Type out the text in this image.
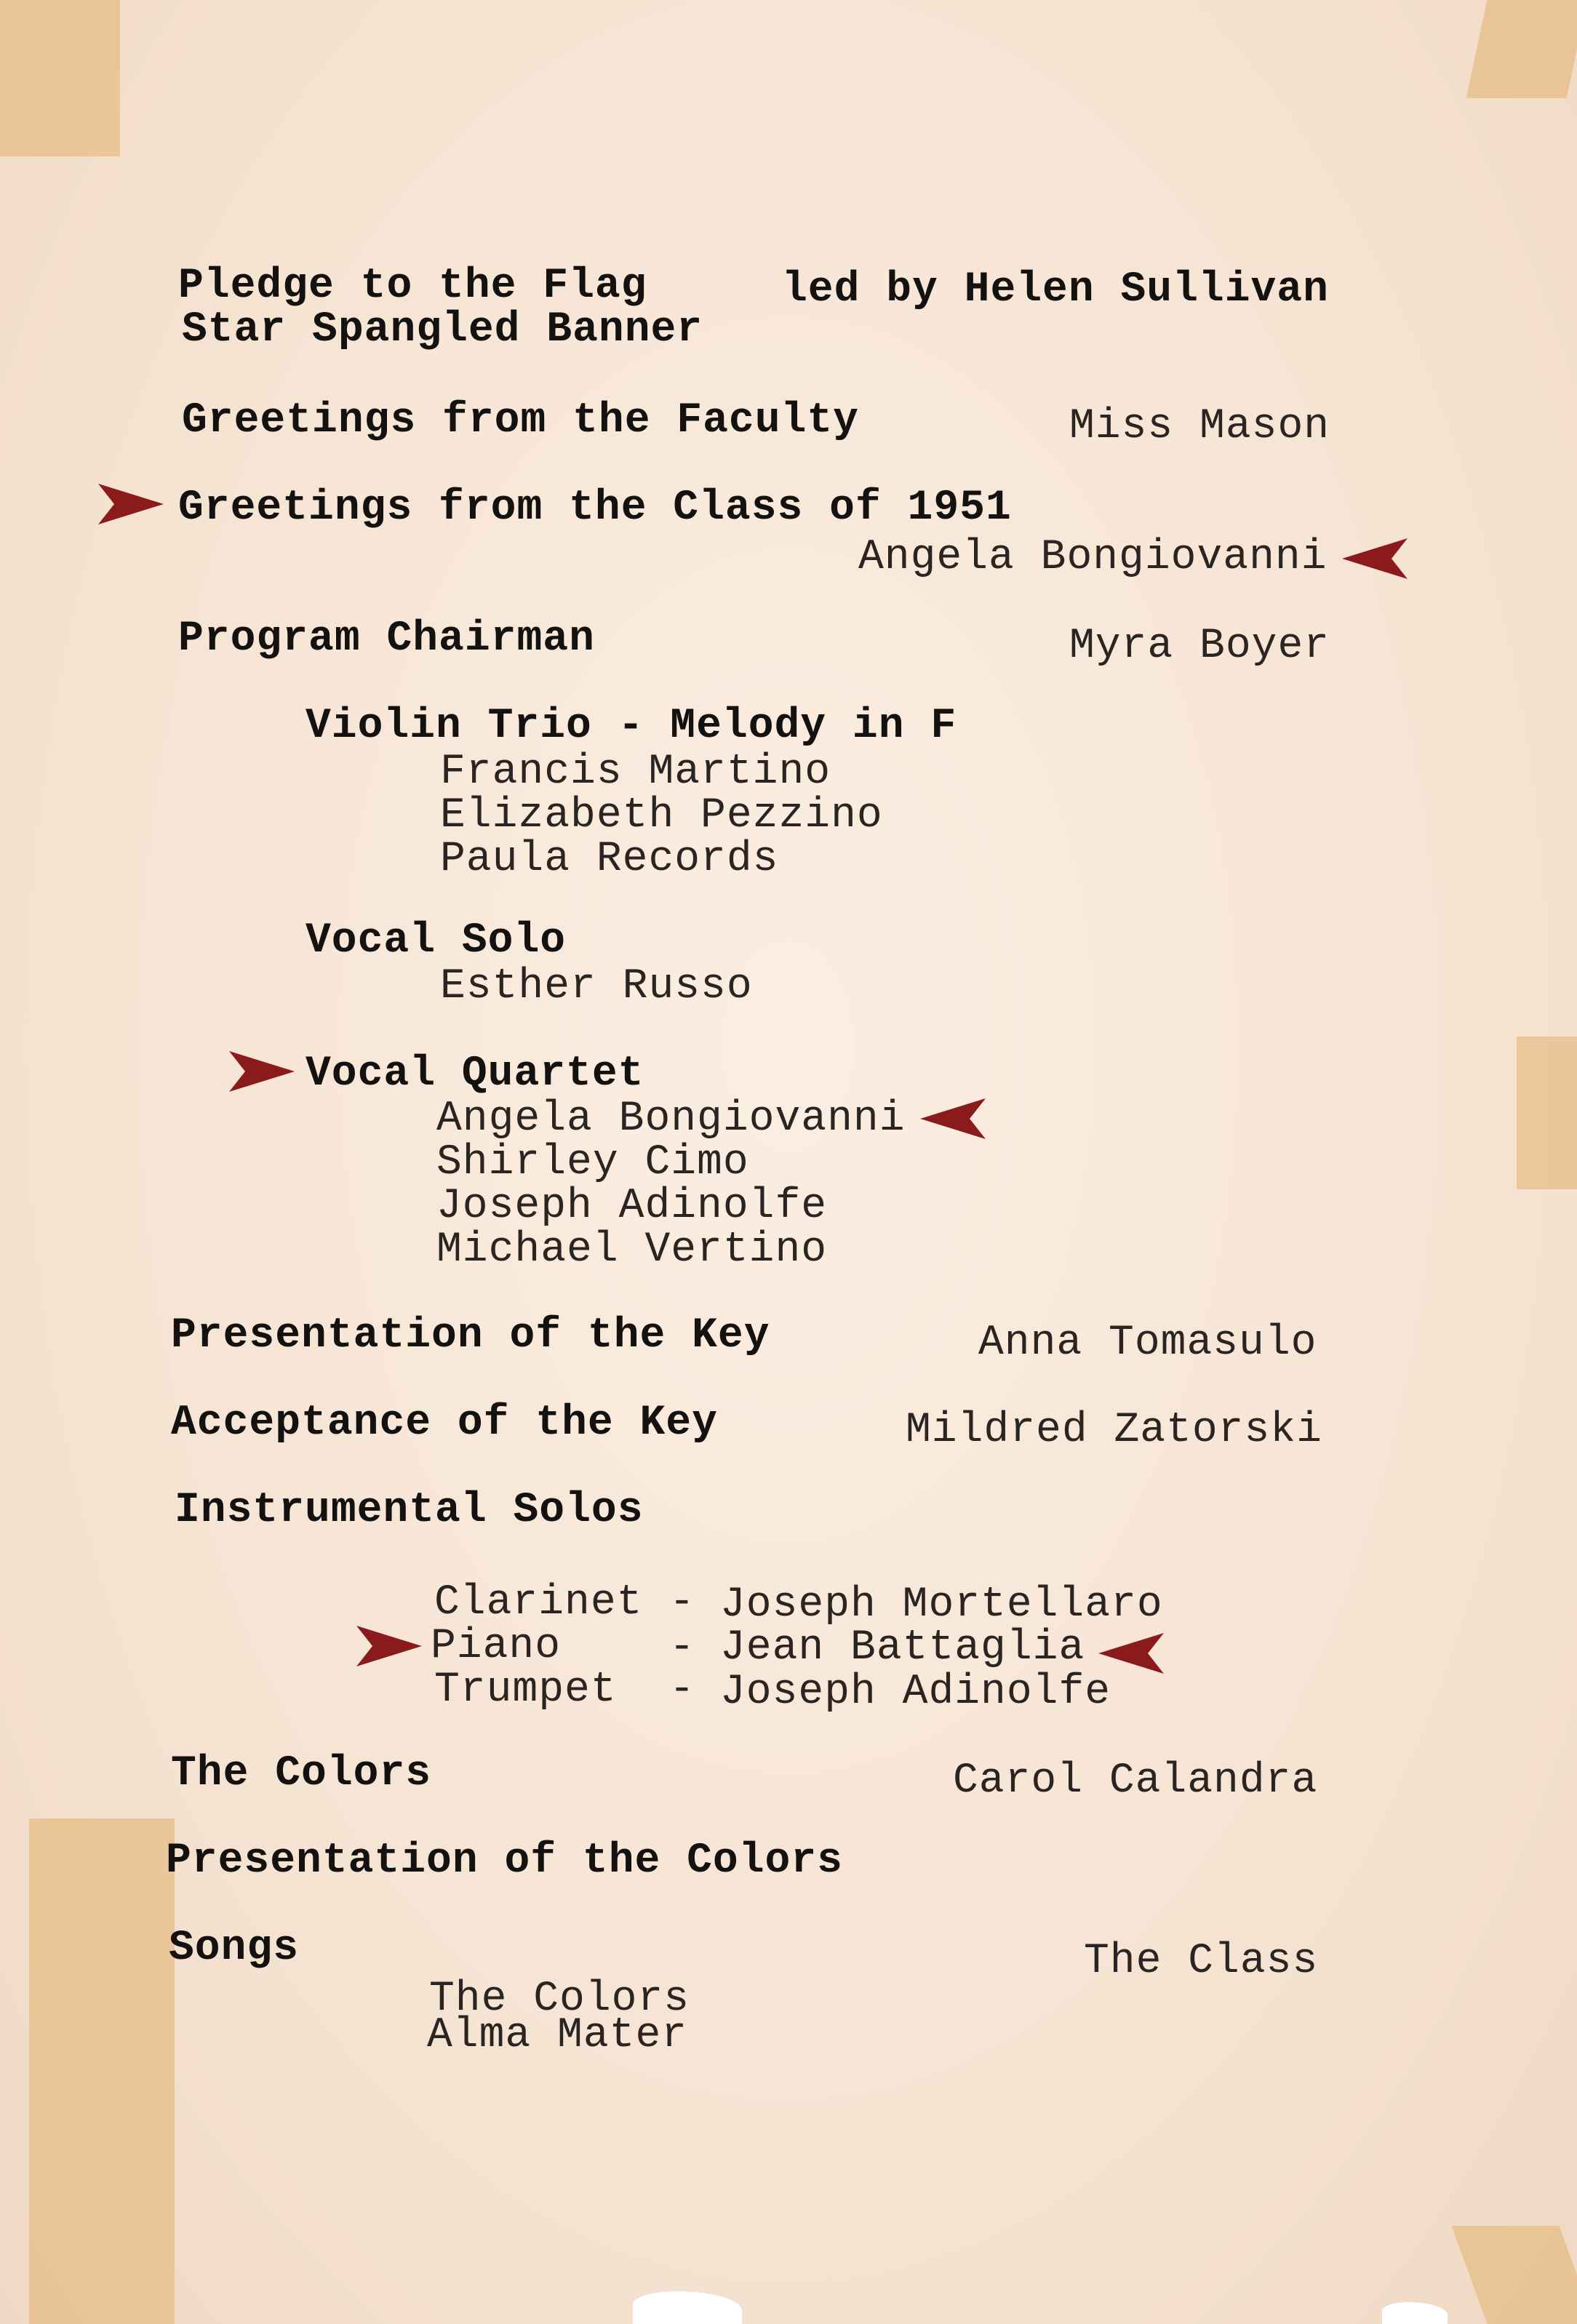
Pledge to the Flag	led by Helen Sullivan
Star Spangled Banner
Greetings from the Faculty	Miss Mason
Greetings from the Class of 1951
Angela Bongiovanni
Program Chairman	Myra Boyer
Violin Trio - Melody in F
Francis Martino
Elizabeth Pezzino
Paula Records
Vocal Solo
Esther Russo
Vocal Quartet
Angela Bongiovanni
Shirley Cimo
Joseph Adinolfe
Michael Vertino
Presentation of the Key	Anna Tomasulo
Acceptance of the Key	Mildred Zatorski
Instrumental Solos
Clarinet - Joseph Mortellaro
Piano	- Jean Battaglia
Trumpet - Joseph Adinolfe
The Colors	Carol Calandra
Presentation of the Colors
Songs	The Class
The Colors
Alma Mater
